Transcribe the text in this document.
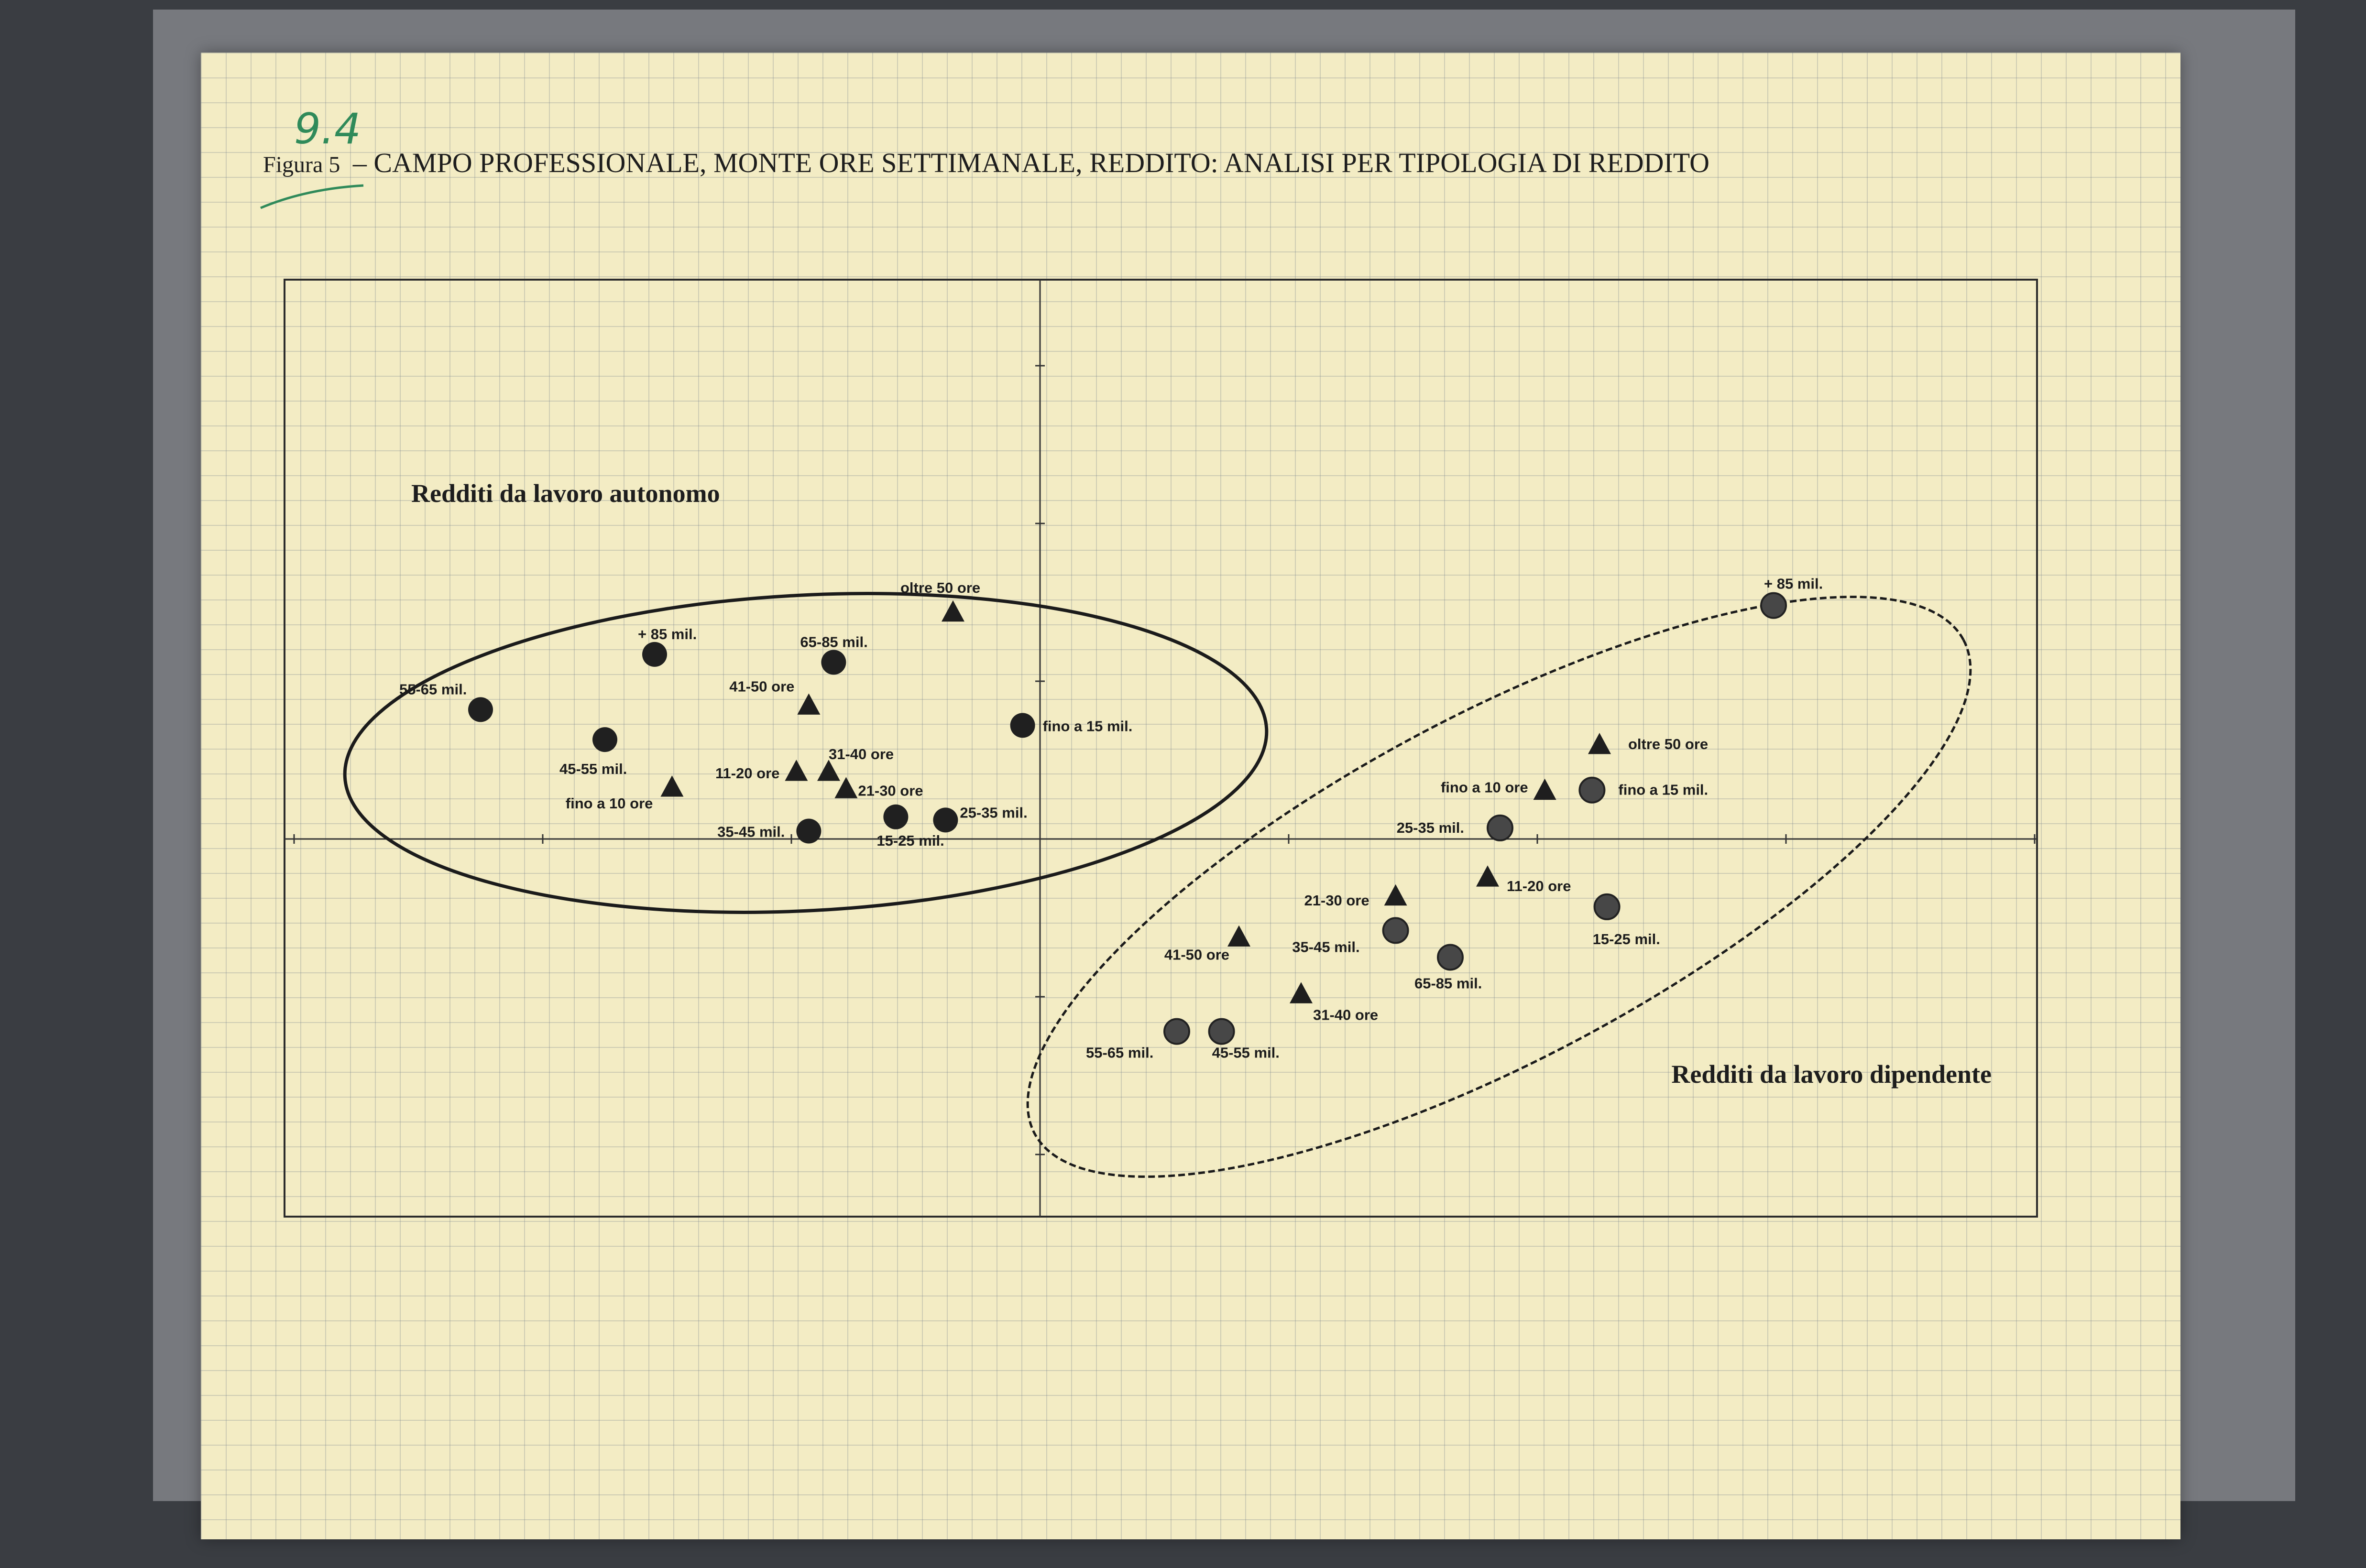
9.4
Figura 5 – CAMPO PROFESSIONALE, MONTE ORE SETTIMANALE, REDDITO: ANALISI PER TIPOLOGIA DI REDDITO
Redditi da lavoro autonomo
Redditi da lavoro dipendente
+ 85 mil.	65-85 mil.
55-65 mil.
45-55 mil.
fino a 15 mil.
35-45 mil.
15-25 mil.
25-35 mil.
oltre 50 ore
41-50 ore
31-40 ore
11-20 ore
21-30 ore
fino a 10 ore
+ 85 mil.
fino a 15 mil.
25-35 mil.
15-25 mil.
35-45 mil.
65-85 mil.
55-65 mil.	45-55 mil.
oltre 50 ore
fino a 10 ore
11-20 ore
21-30 ore
41-50 ore
31-40 ore
